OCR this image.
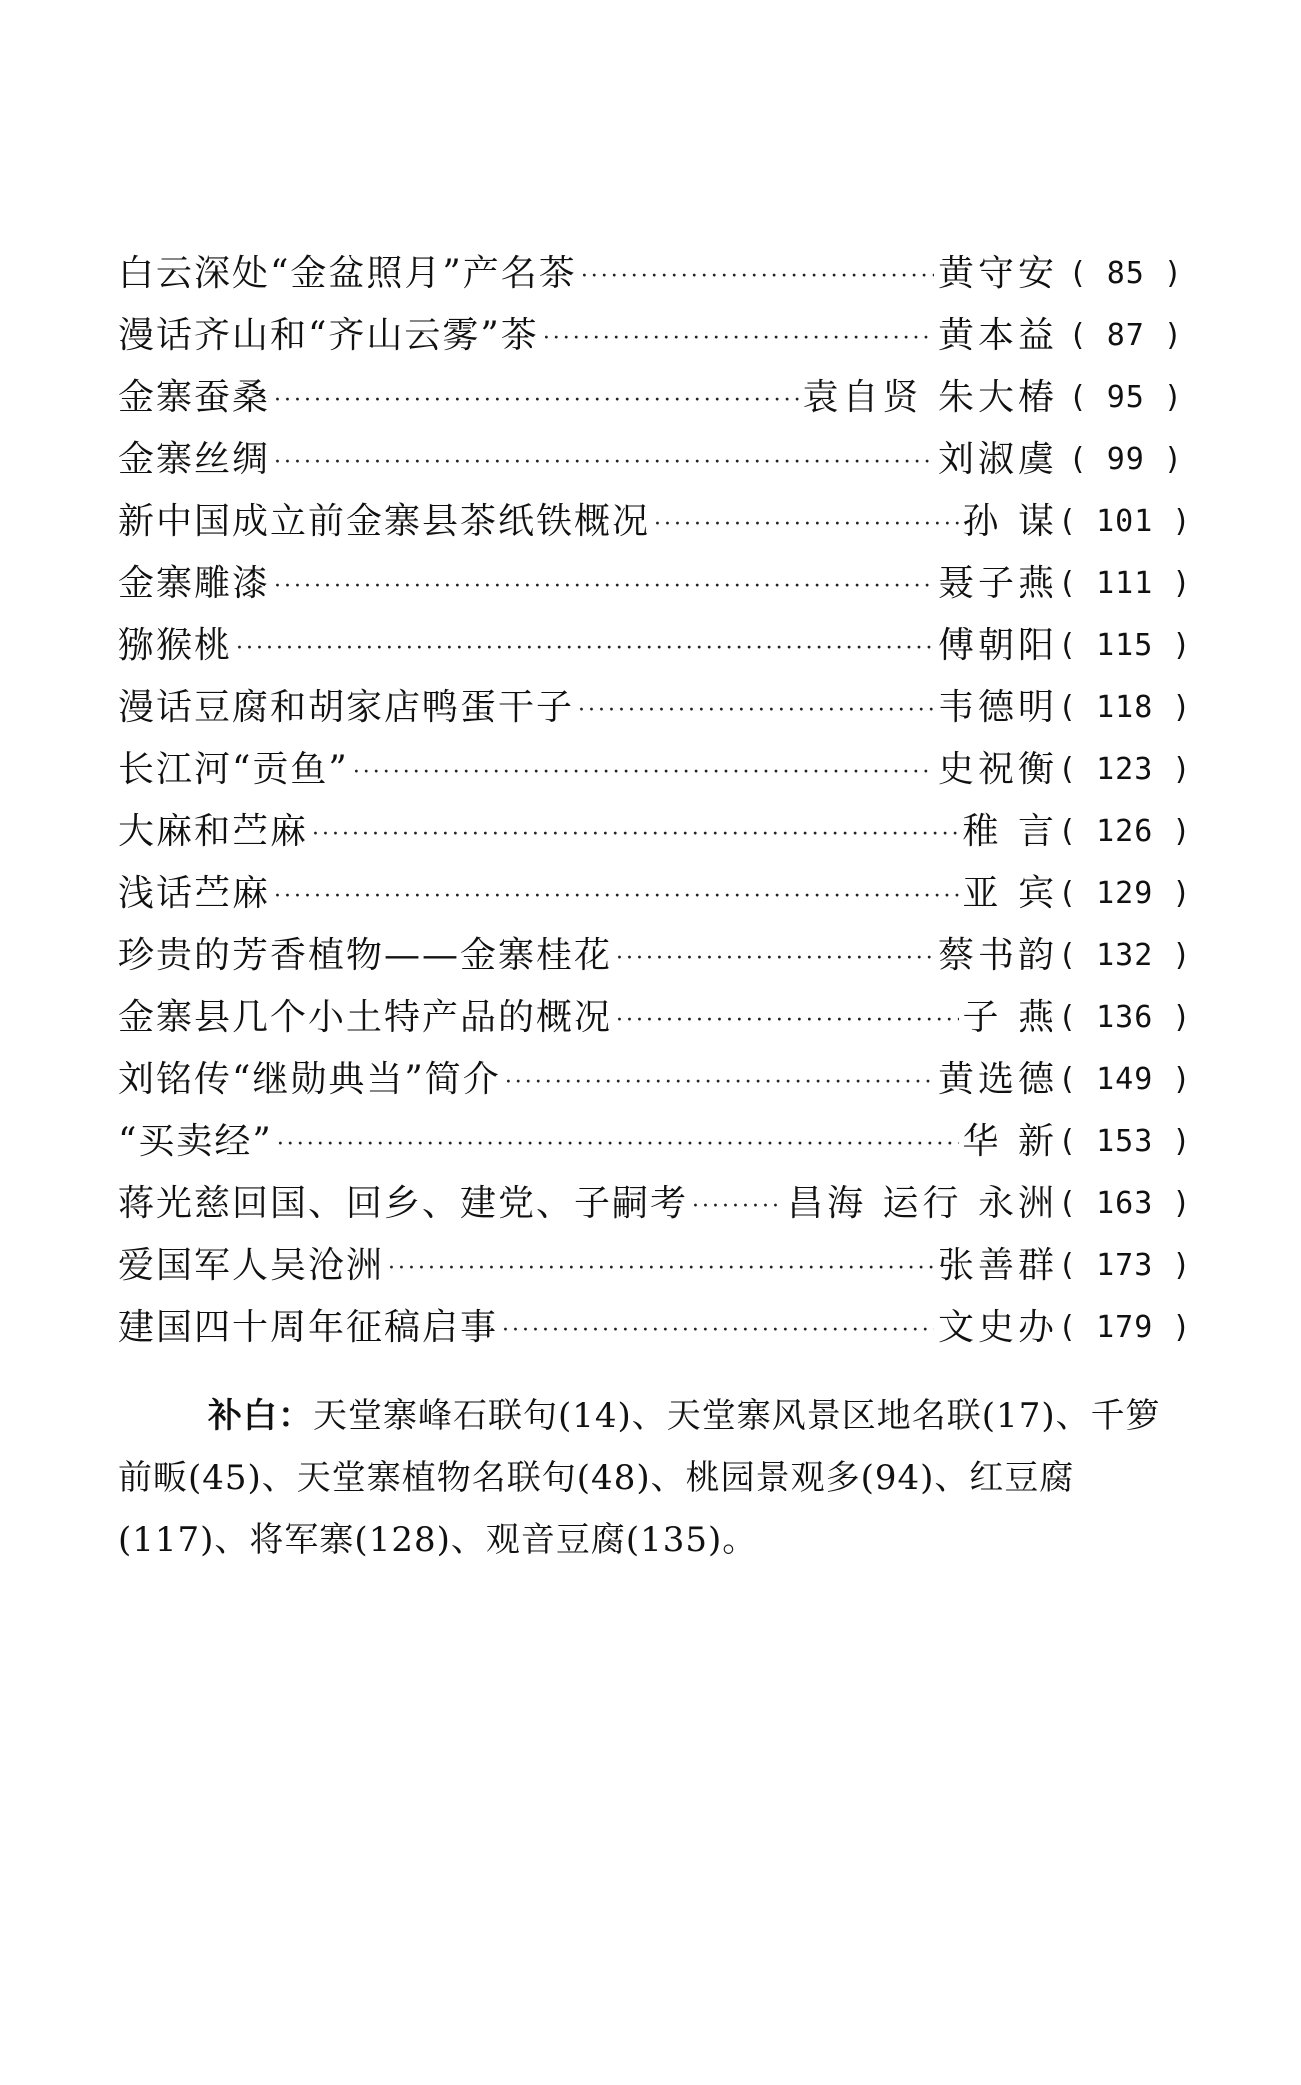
白云深处“金盆照月”产名茶 ·····	黄守安 ( 85 )
漫话齐山和“齐山云雾”茶 ·····	黄本益 ( 87 )
金寨蚕桑 ·····	袁自贤 朱大椿 ( 95 )
金寨丝绸 ·····	刘淑虞 ( 99 )
新中国成立前金寨县茶纸铁概况 ·····	孙 谋 ( 101 )
金寨雕漆 ·····	聂子燕 ( 111 )
猕猴桃 ·····	傅朝阳 ( 115 )
漫话豆腐和胡家店鸭蛋干子 ·····	韦德明 ( 118 )
长江河“贡鱼” ·····	史祝衡 ( 123 )
大麻和苎麻 ·····	稚 言 ( 126 )
浅话苎麻 ·····	亚 宾 ( 129 )
珍贵的芳香植物——金寨桂花 ·····	蔡书韵 ( 132 )
金寨县几个小土特产品的概况 ·····	子 燕 ( 136 )
刘铭传“继勋典当”简介 ·····	黄选德 ( 149 )
“买卖经” ·····	华 新 ( 153 )
蒋光慈回国、回乡、建党、子嗣考 ·····	昌海 运行 永洲 ( 163 )
爱国军人吴沧洲 ·····	张善群 ( 173 )
建国四十周年征稿启事 ·····	文史办 ( 179 )
补白：天堂寨峰石联句(14)、天堂寨风景区地名联(17)、千箩前畈(45)、天堂寨植物名联句(48)、桃园景观多(94)、红豆腐(117)、将军寨(128)、观音豆腐(135)。
